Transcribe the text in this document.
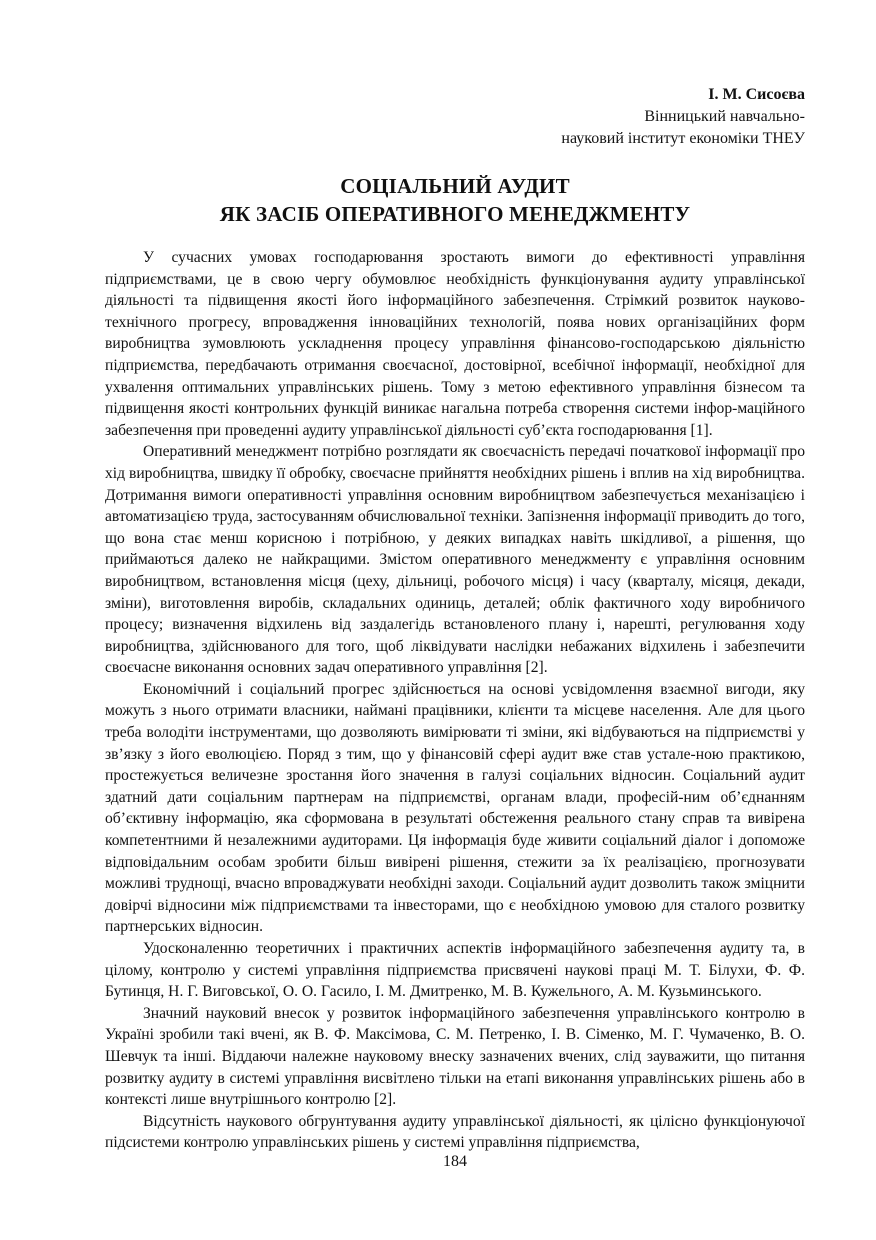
І. М. Сисоєва
Вінницький навчально-
науковий інститут економіки ТНЕУ
СОЦІАЛЬНИЙ АУДИТ
ЯК ЗАСІБ ОПЕРАТИВНОГО МЕНЕДЖМЕНТУ

У сучасних умовах господарювання зростають вимоги до ефективності управління підприємствами, це в свою чергу обумовлює необхідність функціонування аудиту управлінської діяльності та підвищення якості його інформаційного забезпечення. Стрімкий розвиток науково-технічного прогресу, впровадження інноваційних технологій, поява нових організаційних форм виробництва зумовлюють ускладнення процесу управління фінансово-господарською діяльністю підприємства, передбачають отримання своєчасної, достовірної, всебічної інформації, необхідної для ухвалення оптимальних управлінських рішень. Тому з метою ефективного управління бізнесом та підвищення якості контрольних функцій виникає нагальна потреба створення системи інфор-маційного забезпечення при проведенні аудиту управлінської діяльності суб’єкта господарювання [1].

Оперативний менеджмент потрібно розглядати як своєчасність передачі початкової інформації про хід виробництва, швидку її обробку, своєчасне прийняття необхідних рішень і вплив на хід виробництва. Дотримання вимоги оперативності управління основним виробництвом забезпечується механізацією і автоматизацією труда, застосуванням обчислювальної техніки. Запізнення інформації приводить до того, що вона стає менш корисною і потрібною, у деяких випадках навіть шкідливої, а рішення, що приймаються далеко не найкращими. Змістом оперативного менеджменту є управління основним виробництвом, встановлення місця (цеху, дільниці, робочого місця) і часу (кварталу, місяця, декади, зміни), виготовлення виробів, складальних одиниць, деталей; облік фактичного ходу виробничого процесу; визначення відхилень від заздалегідь встановленого плану і, нарешті, регулювання ходу виробництва, здійснюваного для того, щоб ліквідувати наслідки небажаних відхилень і забезпечити своєчасне виконання основних задач оперативного управління [2].

Економічний і соціальний прогрес здійснюється на основі усвідомлення взаємної вигоди, яку можуть з нього отримати власники, наймані працівники, клієнти та місцеве населення. Але для цього треба володіти інструментами, що дозволяють вимірювати ті зміни, які відбуваються на підприємстві у зв’язку з його еволюцією. Поряд з тим, що у фінансовій сфері аудит вже став устале-ною практикою, простежується величезне зростання його значення в галузі соціальних відносин. Соціальний аудит здатний дати соціальним партнерам на підприємстві, органам влади, професій-ним об’єднанням об’єктивну інформацію, яка сформована в результаті обстеження реального стану справ та вивірена компетентними й незалежними аудиторами. Ця інформація буде живити соціальний діалог і допоможе відповідальним особам зробити більш вивірені рішення, стежити за їх реалізацією, прогнозувати можливі труднощі, вчасно впроваджувати необхідні заходи. Соціальний аудит дозволить також зміцнити довірчі відносини між підприємствами та інвесторами, що є необхідною умовою для сталого розвитку партнерських відносин.

Удосконаленню теоретичних і практичних аспектів інформаційного забезпечення аудиту та, в цілому, контролю у системі управління підприємства присвячені наукові праці М. Т. Білухи, Ф. Ф. Бутинця, Н. Г. Виговської, О. О. Гасило, І. М. Дмитренко, М. В. Кужельного, А. М. Кузьминського.

Значний науковий внесок у розвиток інформаційного забезпечення управлінського контролю в Україні зробили такі вчені, як В. Ф. Максімова, С. М. Петренко, І. В. Сіменко, М. Г. Чумаченко, В. О. Шевчук та інші. Віддаючи належне науковому внеску зазначених вчених, слід зауважити, що питання розвитку аудиту в системі управління висвітлено тільки на етапі виконання управлінських рішень або в контексті лише внутрішнього контролю [2].

Відсутність наукового обгрунтування аудиту управлінської діяльності, як цілісно функціонуючої підсистеми контролю управлінських рішень у системі управління підприємства,

184
